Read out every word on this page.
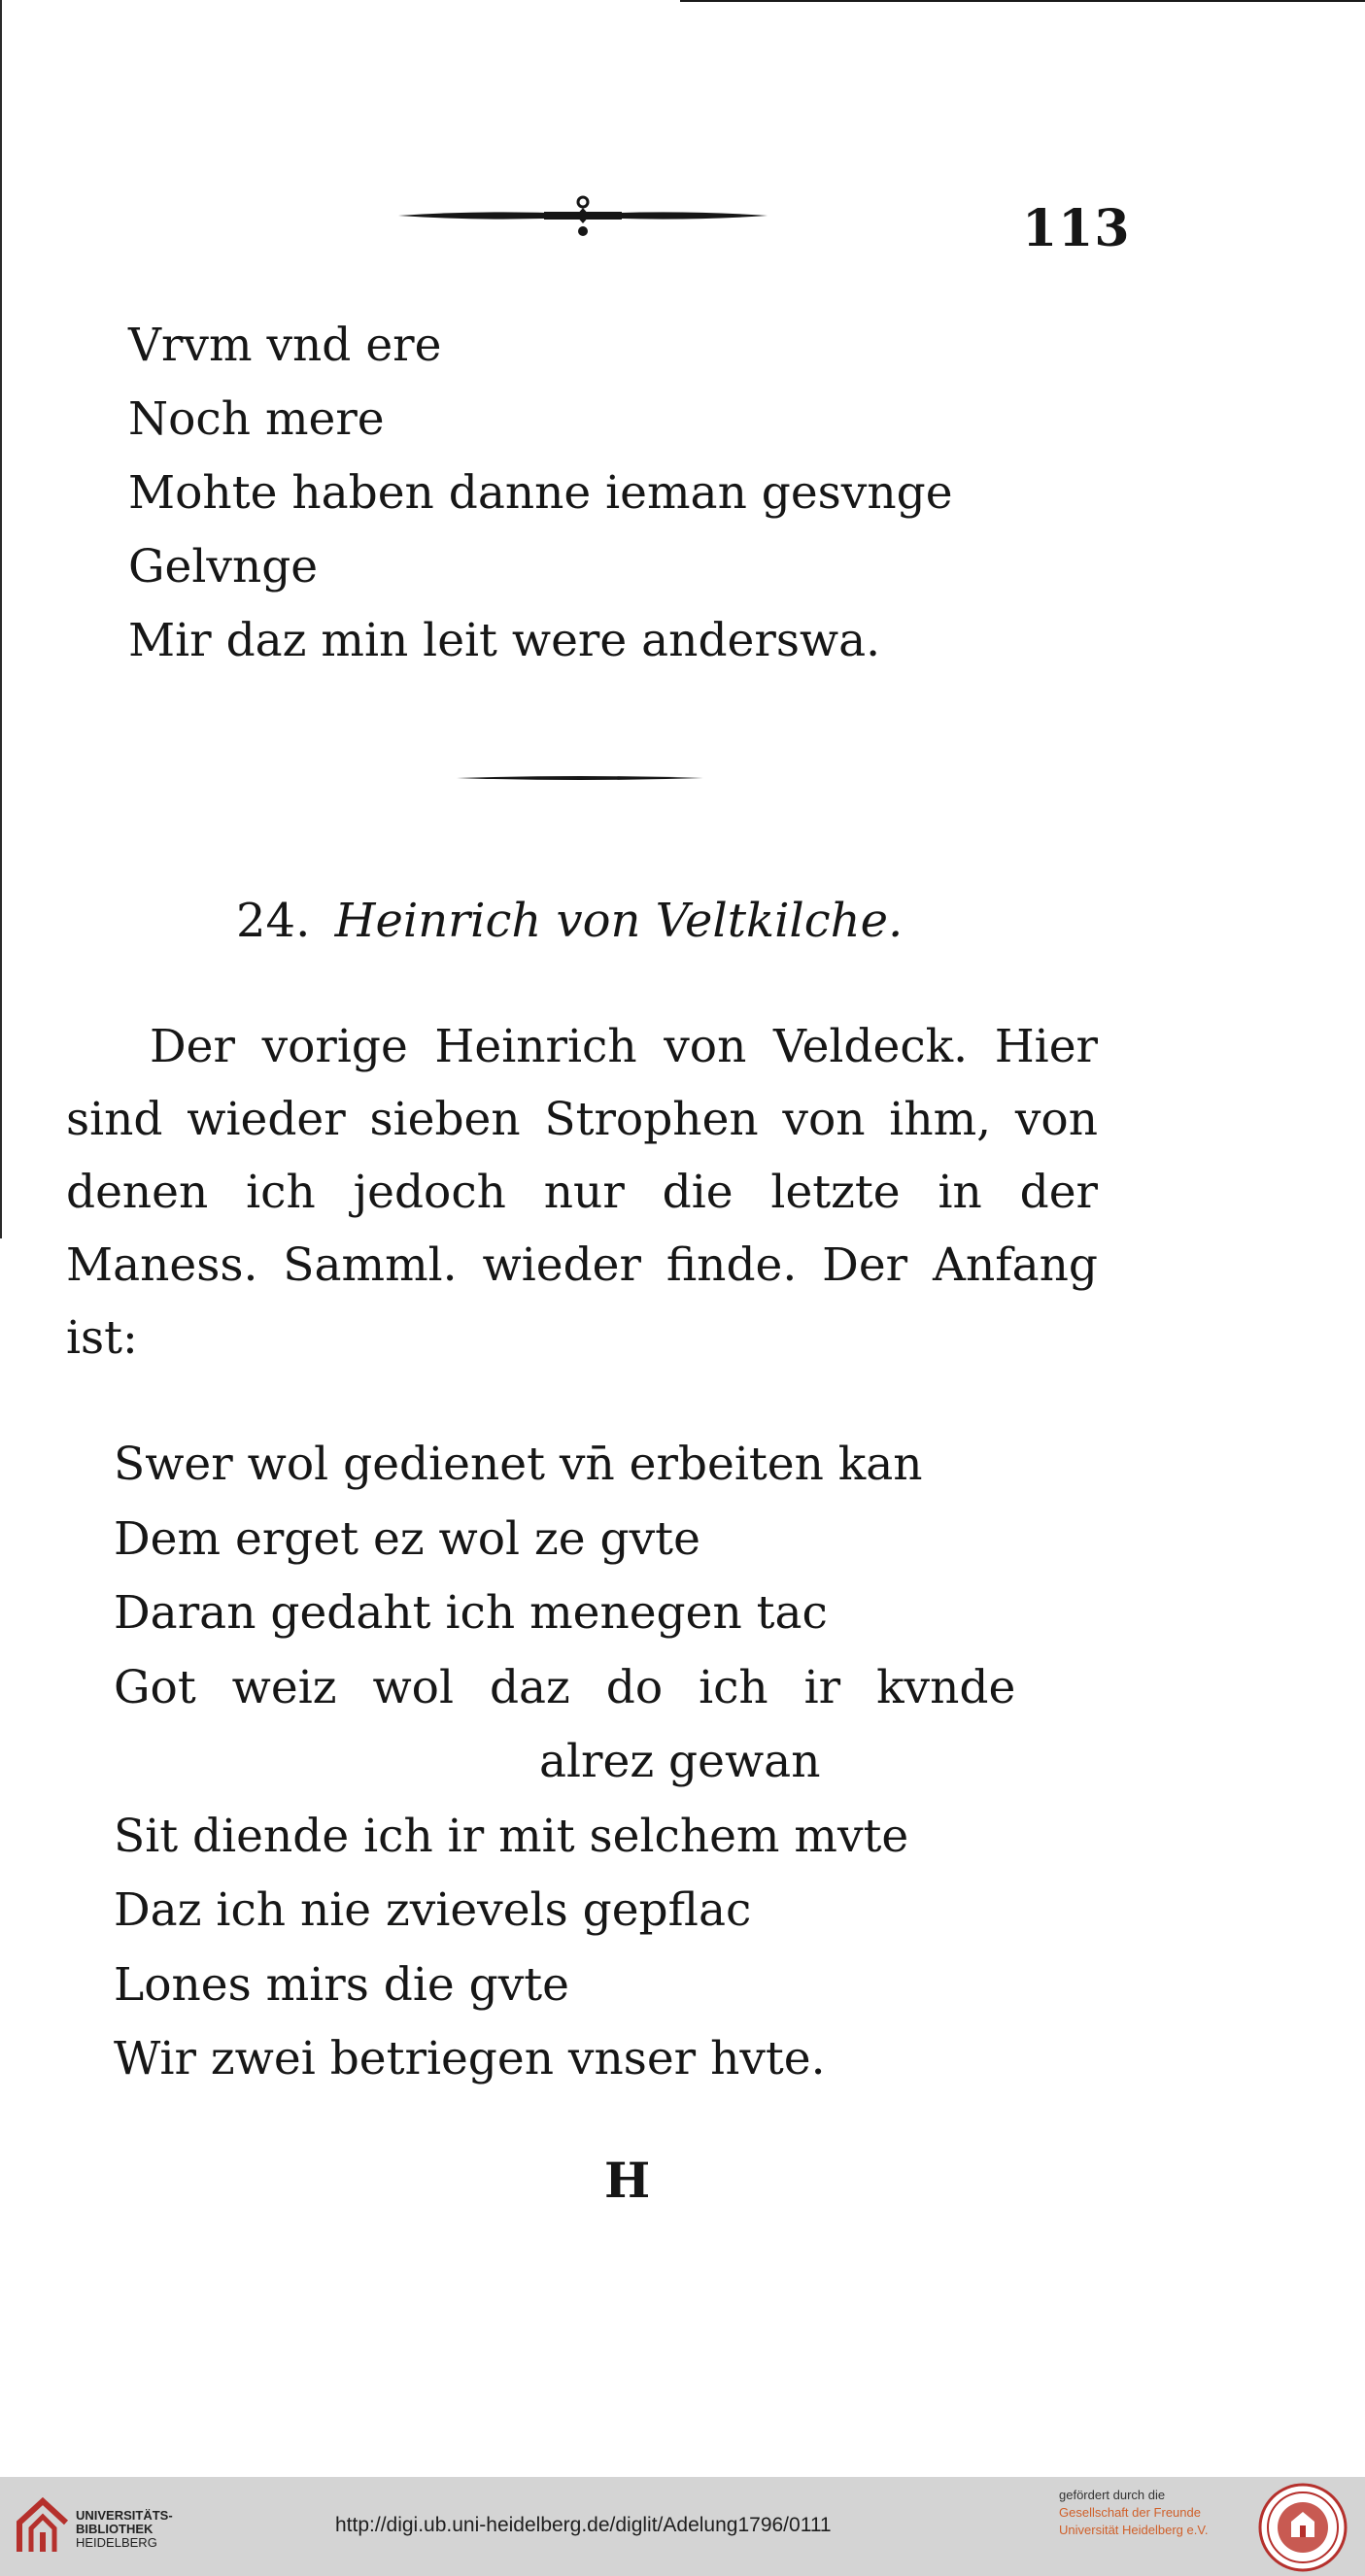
113
Vrvm vnd ere
Noch mere
Mohte haben danne ieman gesvnge
Gelvnge
Mir daz min leit were anderswa.
24. Heinrich von Veltkilche.

Der vorige Heinrich von Veldeck. Hier sind wieder sieben Strophen von ihm, von denen ich jedoch nur die letzte in der Maness. Samml. wieder finde. Der Anfang ist:

Swer wol gedienet vn̄ erbeiten kan
Dem erget ez wol ze gvte
Daran gedaht ich menegen tac
Got weiz wol daz do ich ir kvnde
alrez gewan
Sit diende ich ir mit selchem mvte
Daz ich nie zvievels gepflac
Lones mirs die gvte
Wir zwei betriegen vnser hvte.
H
UNIVERSITÄTS-
BIBLIOTHEK
HEIDELBERG
http://digi.ub.uni-heidelberg.de/diglit/Adelung1796/0111
gefördert durch die
Gesellschaft der Freunde
Universität Heidelberg e.V.
